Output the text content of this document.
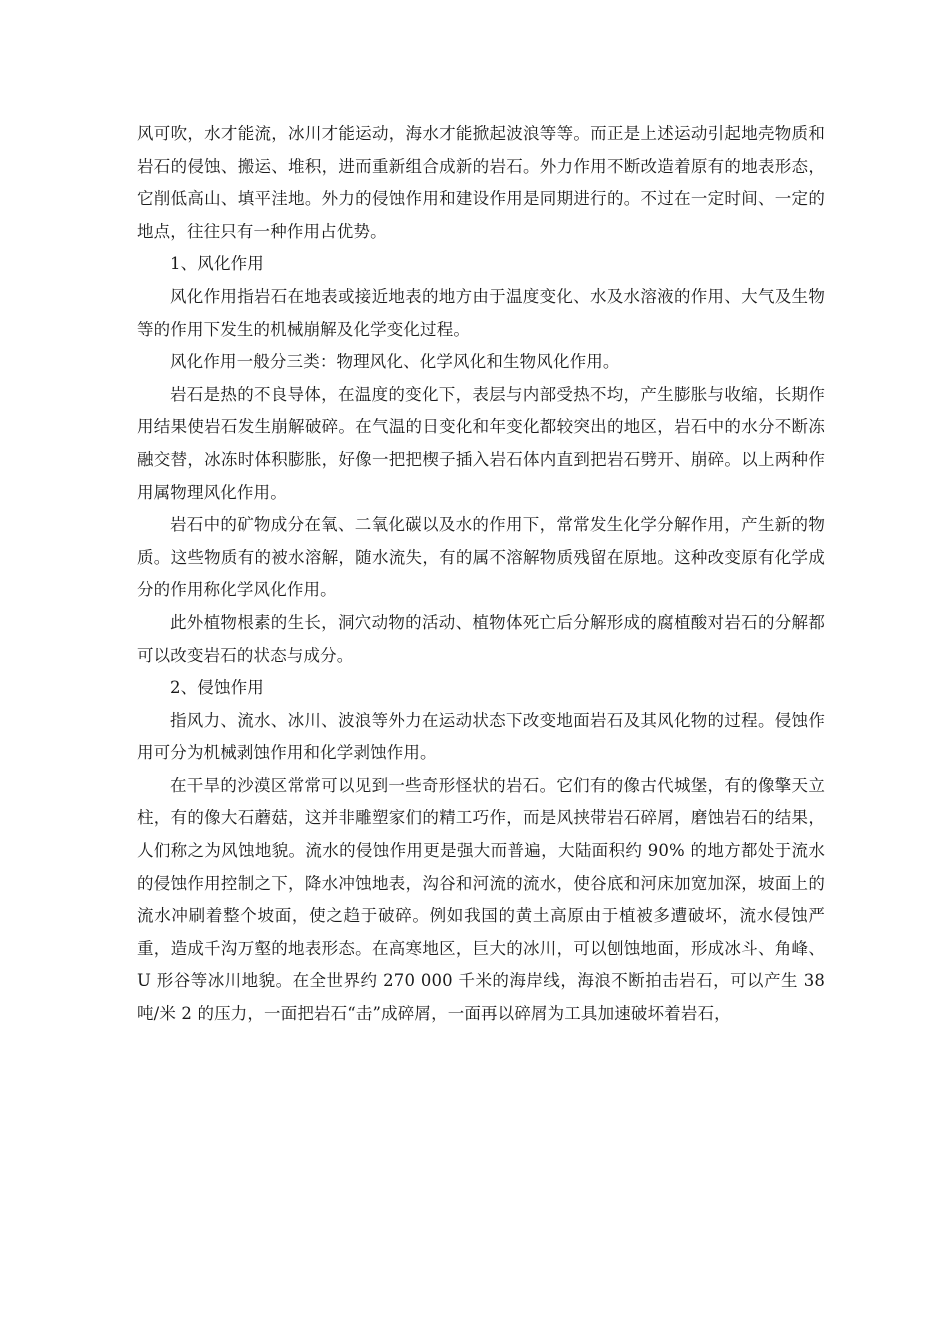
风可吹，水才能流，冰川才能运动，海水才能掀起波浪等等。而正是上述运动引起地壳物质和岩石的侵蚀、搬运、堆积，进而重新组合成新的岩石。外力作用不断改造着原有的地表形态，它削低高山、填平洼地。外力的侵蚀作用和建设作用是同期进行的。不过在一定时间、一定的地点，往往只有一种作用占优势。

1、风化作用

风化作用指岩石在地表或接近地表的地方由于温度变化、水及水溶液的作用、大气及生物等的作用下发生的机械崩解及化学变化过程。

风化作用一般分三类：物理风化、化学风化和生物风化作用。

岩石是热的不良导体，在温度的变化下，表层与内部受热不均，产生膨胀与收缩，长期作用结果使岩石发生崩解破碎。在气温的日变化和年变化都较突出的地区，岩石中的水分不断冻融交替，冰冻时体积膨胀，好像一把把楔子插入岩石体内直到把岩石劈开、崩碎。以上两种作用属物理风化作用。

岩石中的矿物成分在氧、二氧化碳以及水的作用下，常常发生化学分解作用，产生新的物质。这些物质有的被水溶解，随水流失，有的属不溶解物质残留在原地。这种改变原有化学成分的作用称化学风化作用。

此外植物根素的生长，洞穴动物的活动、植物体死亡后分解形成的腐植酸对岩石的分解都可以改变岩石的状态与成分。

2、侵蚀作用

指风力、流水、冰川、波浪等外力在运动状态下改变地面岩石及其风化物的过程。侵蚀作用可分为机械剥蚀作用和化学剥蚀作用。

在干旱的沙漠区常常可以见到一些奇形怪状的岩石。它们有的像古代城堡，有的像擎天立柱，有的像大石蘑菇，这并非雕塑家们的精工巧作，而是风挟带岩石碎屑，磨蚀岩石的结果，人们称之为风蚀地貌。流水的侵蚀作用更是强大而普遍，大陆面积约 90% 的地方都处于流水的侵蚀作用控制之下，降水冲蚀地表，沟谷和河流的流水，使谷底和河床加宽加深，坡面上的流水冲刷着整个坡面，使之趋于破碎。例如我国的黄土高原由于植被多遭破坏，流水侵蚀严重，造成千沟万壑的地表形态。在高寒地区，巨大的冰川，可以刨蚀地面，形成冰斗、角峰、U 形谷等冰川地貌。在全世界约 270 000 千米的海岸线，海浪不断拍击岩石，可以产生 38 吨/米 2 的压力，一面把岩石“击”成碎屑，一面再以碎屑为工具加速破坏着岩石，
